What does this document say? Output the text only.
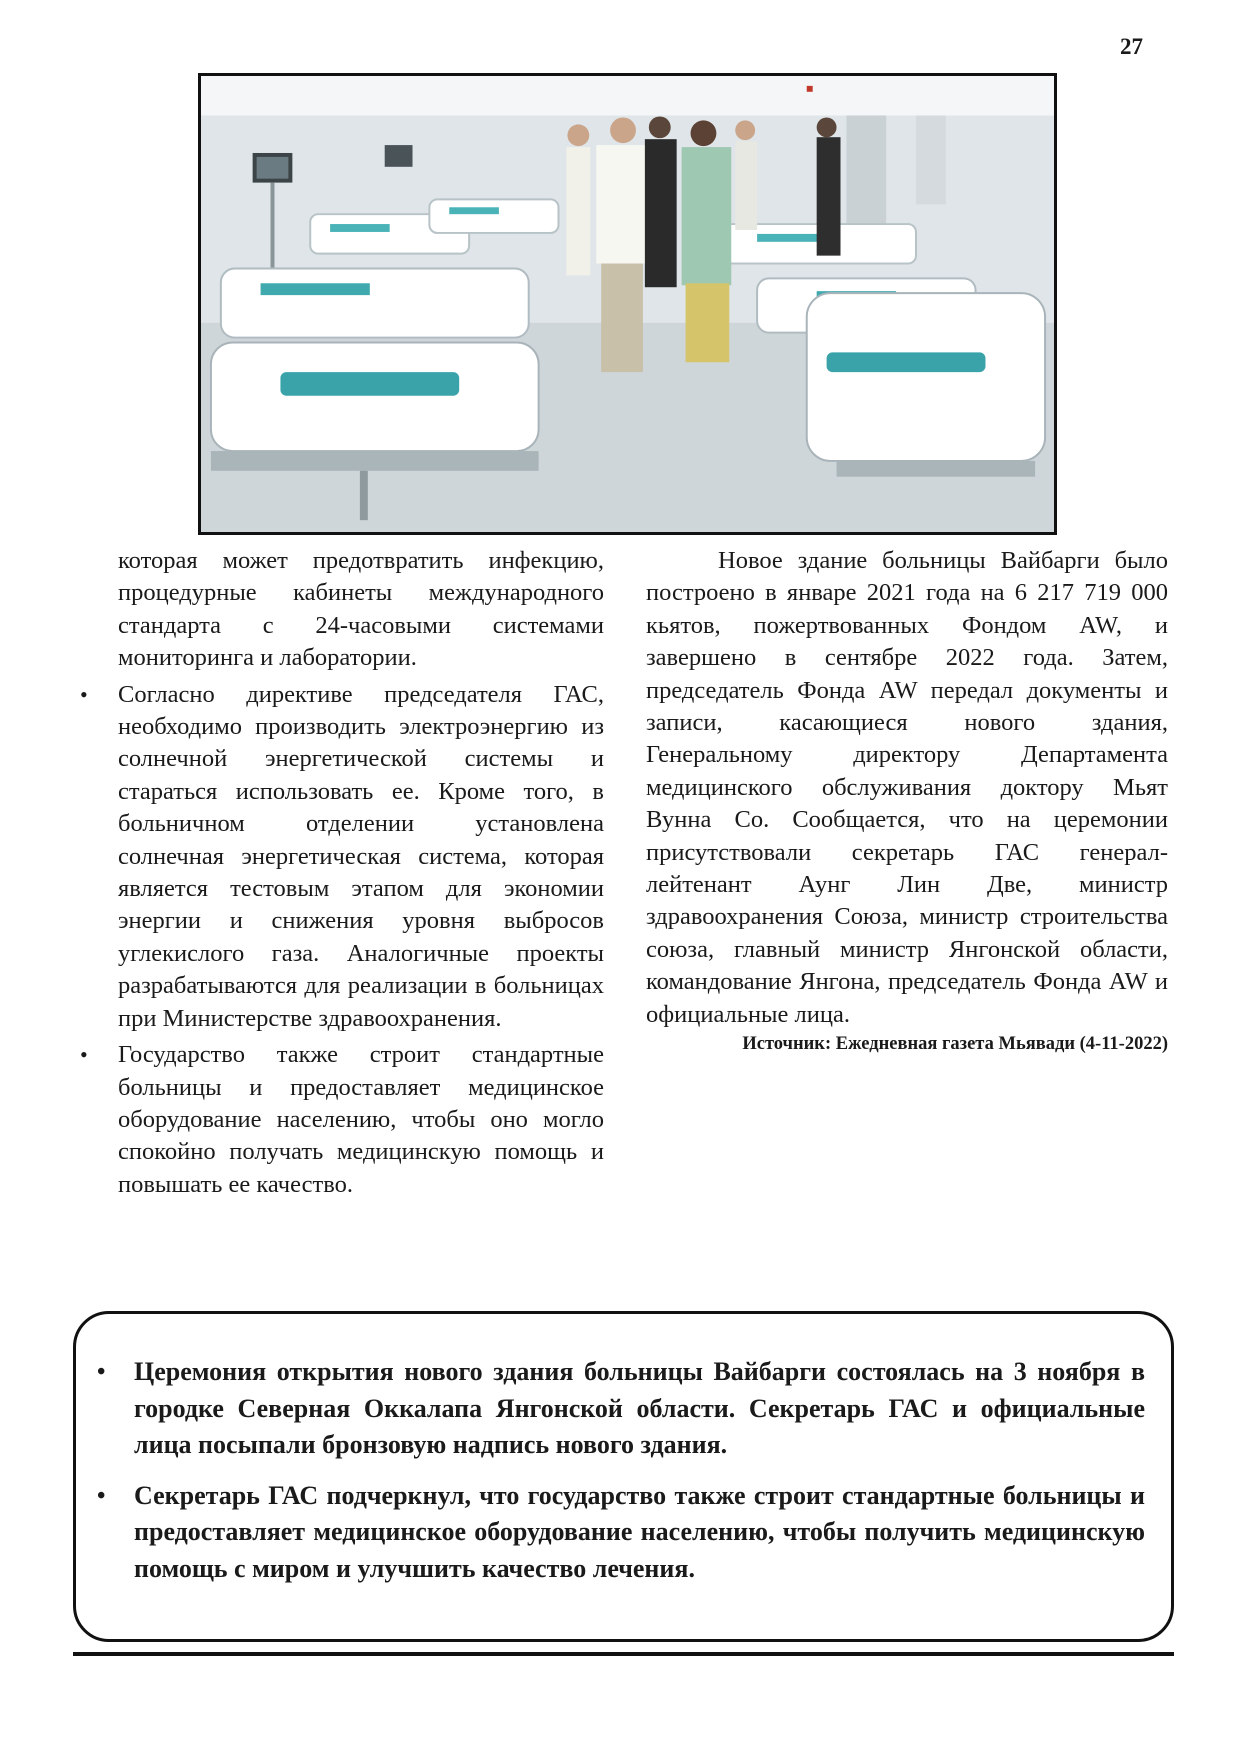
27

которая может предотвратить инфекцию, процедурные кабинеты международного стандарта с 24-часовыми системами мониторинга и лаборатории.

• Согласно директиве председателя ГАС, необходимо производить электроэнергию из солнечной энергетической системы и стараться использовать ее. Кроме того, в больничном отделении установлена солнечная энергетическая система, которая является тестовым этапом для экономии энергии и снижения уровня выбросов углекислого газа. Аналогичные проекты разрабатываются для реализации в больницах при Министерстве здравоохранения.
• Государство также строит стандартные больницы и предоставляет медицинское оборудование населению, чтобы оно могло спокойно получать медицинскую помощь и повышать ее качество.

Новое здание больницы Вайбарги было построено в январе 2021 года на 6 217 719 000 кьятов, пожертвованных Фондом AW, и завершено в сентябре 2022 года. Затем, председатель Фонда AW передал документы и записи, касающиеся нового здания, Генеральному директору Департамента медицинского обслуживания доктору Мьят Вунна Со. Сообщается, что на церемонии присутствовали секретарь ГАС генерал-лейтенант Аунг Лин Две, министр здравоохранения Союза, министр строительства союза, главный министр Янгонской области, командование Янгона, председатель Фонда AW и официальные лица.

Источник: Ежедневная газета Мьявади (4-11-2022)

• Церемония открытия нового здания больницы Вайбарги состоялась на 3 ноября в городке Северная Оккалапа Янгонской области. Секретарь ГАС и официальные лица посыпали бронзовую надпись нового здания.
• Секретарь ГАС подчеркнул, что государство также строит стандартные больницы и предоставляет медицинское оборудование населению, чтобы получить медицинскую помощь с миром и улучшить качество лечения.
